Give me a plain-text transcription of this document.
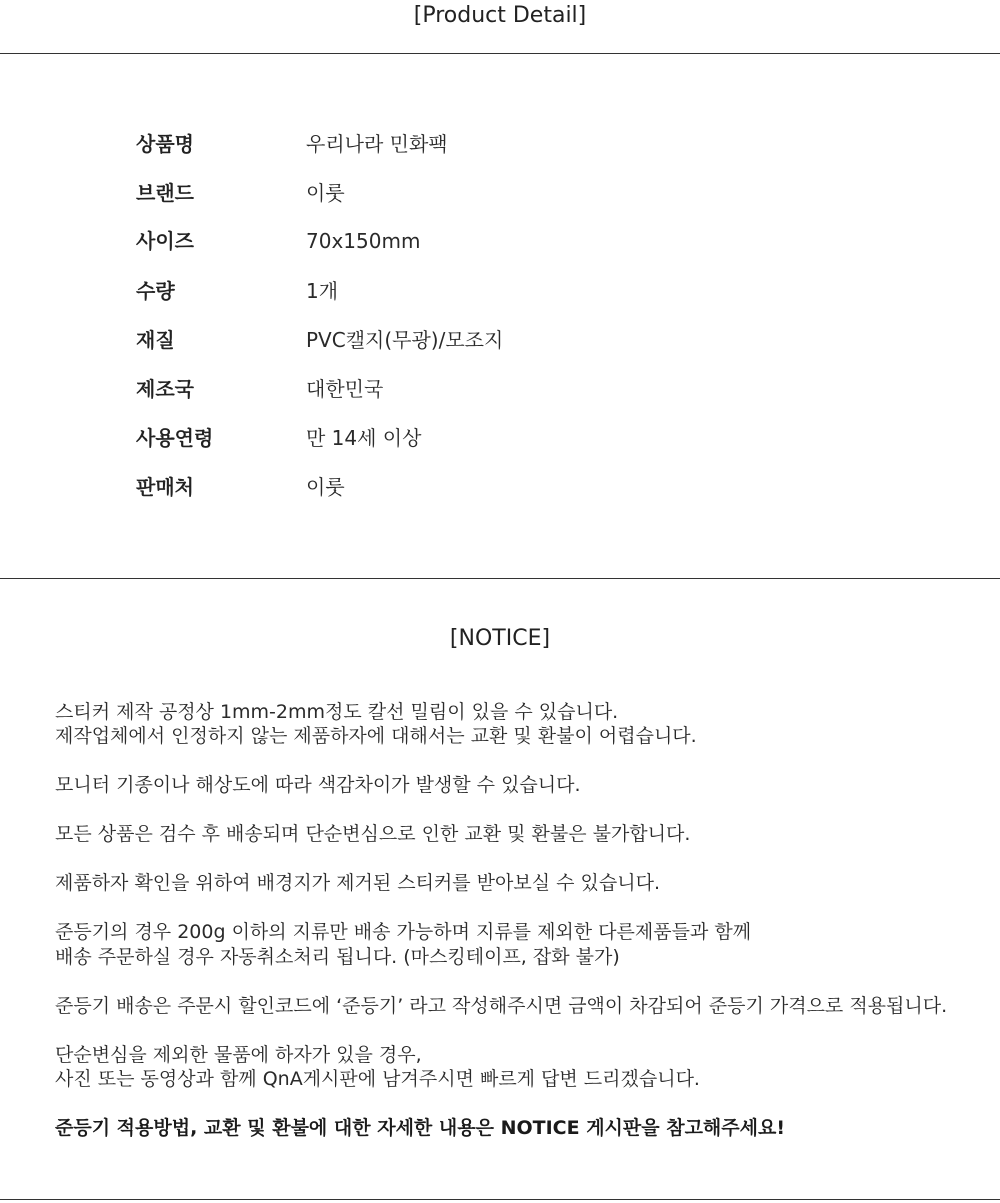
[Product Detail]
상품명	우리나라 민화팩
브랜드	이룻
사이즈	70x150mm
수량	1개
재질	PVC캘지(무광)/모조지
제조국	대한민국
사용연령	만 14세 이상
판매처	이룻
[NOTICE]
스티커 제작 공정상 1mm-2mm정도 칼선 밀림이 있을 수 있습니다.
제작업체에서 인정하지 않는 제품하자에 대해서는 교환 및 환불이 어렵습니다.
모니터 기종이나 해상도에 따라 색감차이가 발생할 수 있습니다.
모든 상품은 검수 후 배송되며 단순변심으로 인한 교환 및 환불은 불가합니다.
제품하자 확인을 위하여 배경지가 제거된 스티커를 받아보실 수 있습니다.
준등기의 경우 200g 이하의 지류만 배송 가능하며 지류를 제외한 다른제품들과 함께
배송 주문하실 경우 자동취소처리 됩니다. (마스킹테이프, 잡화 불가)
준등기 배송은 주문시 할인코드에 ‘준등기’ 라고 작성해주시면 금액이 차감되어 준등기 가격으로 적용됩니다.
단순변심을 제외한 물품에 하자가 있을 경우,
사진 또는 동영상과 함께 QnA게시판에 남겨주시면 빠르게 답변 드리겠습니다.
준등기 적용방법, 교환 및 환불에 대한 자세한 내용은 NOTICE 게시판을 참고해주세요!
